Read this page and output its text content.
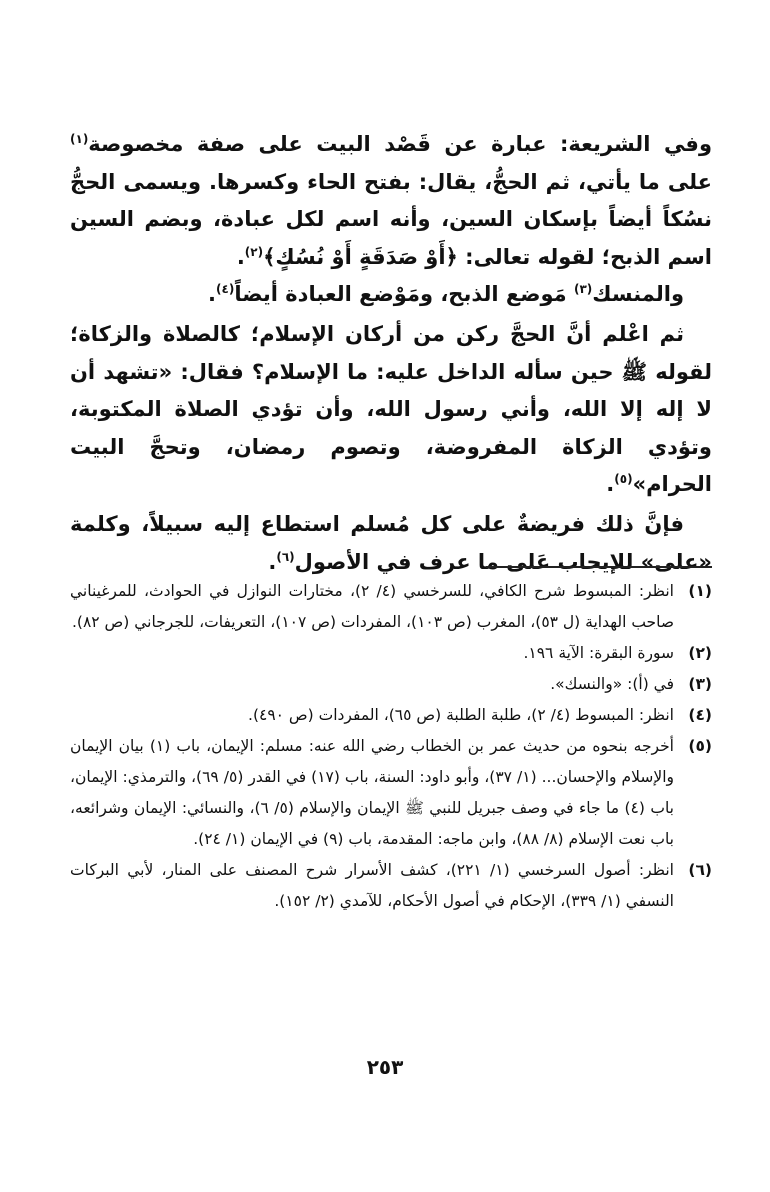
وفي الشريعة: عبارة عن قَصْد البيت على صفة مخصوصة$^{(١)}$ على ما يأتي، ثم الحجُّ، يقال: بفتح الحاء وكسرها. ويسمى الحجُّ نسُكاً أيضاً بإسكان السين، وأنه اسم لكل عبادة، وبضم السين اسم الذبح؛ لقوله تعالى: ﴿أَوْ صَدَقَةٍ أَوْ نُسُكٍ﴾$^{(٢)}$.

والمنسك$^{(٣)}$ مَوضع الذبح، ومَوْضع العبادة أيضاً$^{(٤)}$.

ثم اعْلم أنَّ الحجَّ ركن من أركان الإسلام؛ كالصلاة والزكاة؛ لقوله ﷺ حين سأله الداخل عليه: ما الإسلام؟ فقال: «تشهد أن لا إله إلا الله، وأني رسول الله، وأن تؤدي الصلاة المكتوبة، وتؤدي الزكاة المفروضة، وتصوم رمضان، وتحجَّ البيت الحرام»$^{(٥)}$.

فإنَّ ذلك فريضةٌ على كل مُسلم استطاع إليه سبيلاً، وكلمة «على» للإيجاب عَلى ما عرف في الأصول$^{(٦)}$.

(١)
انظر: المبسوط شرح الكافي، للسرخسي (٤/ ٢)، مختارات النوازل في الحوادث، للمرغيناني صاحب الهداية (ل ٥٣)، المغرب (ص ١٠٣)، المفردات (ص ١٠٧)، التعريفات، للجرجاني (ص ٨٢).
(٢)
سورة البقرة: الآية ١٩٦.
(٣)
في (أ): «والنسك».
(٤)
انظر: المبسوط (٤/ ٢)، طلبة الطلبة (ص ٦٥)، المفردات (ص ٤٩٠).
(٥)
أخرجه بنحوه من حديث عمر بن الخطاب رضي الله عنه: مسلم: الإيمان، باب (١) بيان الإيمان والإسلام والإحسان... (١/ ٣٧)، وأبو داود: السنة، باب (١٧) في القدر (٥/ ٦٩)، والترمذي: الإيمان، باب (٤) ما جاء في وصف جبريل للنبي ﷺ الإيمان والإسلام (٥/ ٦)، والنسائي: الإيمان وشرائعه، باب نعت الإسلام (٨/ ٨٨)، وابن ماجه: المقدمة، باب (٩) في الإيمان (١/ ٢٤).
(٦)
انظر: أصول السرخسي (١/ ٢٢١)، كشف الأسرار شرح المصنف على المنار، لأبي البركات النسفي (١/ ٣٣٩)، الإحكام في أصول الأحكام، للآمدي (٢/ ١٥٢).
٢٥٣
